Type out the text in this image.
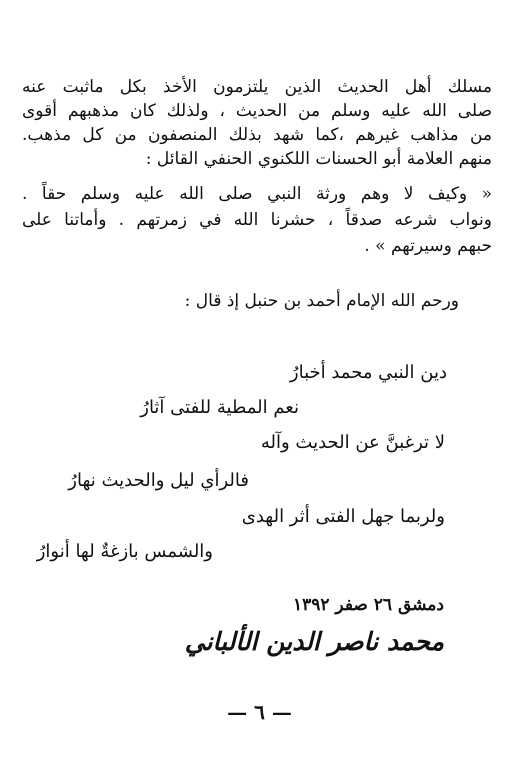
مسلك أهل الحديث الذين يلتزمون الأخذ بكل ماثبت عنه
صلى الله عليه وسلم من الحديث ، ولذلك كان مذهبهم أقوى
من مذاهب غيرهم ،كما شهد بذلك المنصفون من كل مذهب.
منهم العلامة أبو الحسنات اللكنوي الحنفي القائل :
« وكيف لا وهم ورثة النبي صلى الله عليه وسلم حقاً .
ونواب شرعه صدقاً ، حشرنا الله في زمرتهم . وأماتنا على
حبهم وسيرتهم » .
ورحم الله الإمام أحمد بن حنبل إذ قال :
دين النبي محمد أخبارُ
نعم المطية للفتى آثارُ
لا ترغبنَّ عن الحديث وآله
فالرأي ليل والحديث نهارُ
ولربما جهل الفتى أثر الهدى
والشمس بازغةٌ لها أنوارُ
دمشق ٢٦ صفر ١٣٩٢
محمد ناصر الدين الألباني
— ٦ —
